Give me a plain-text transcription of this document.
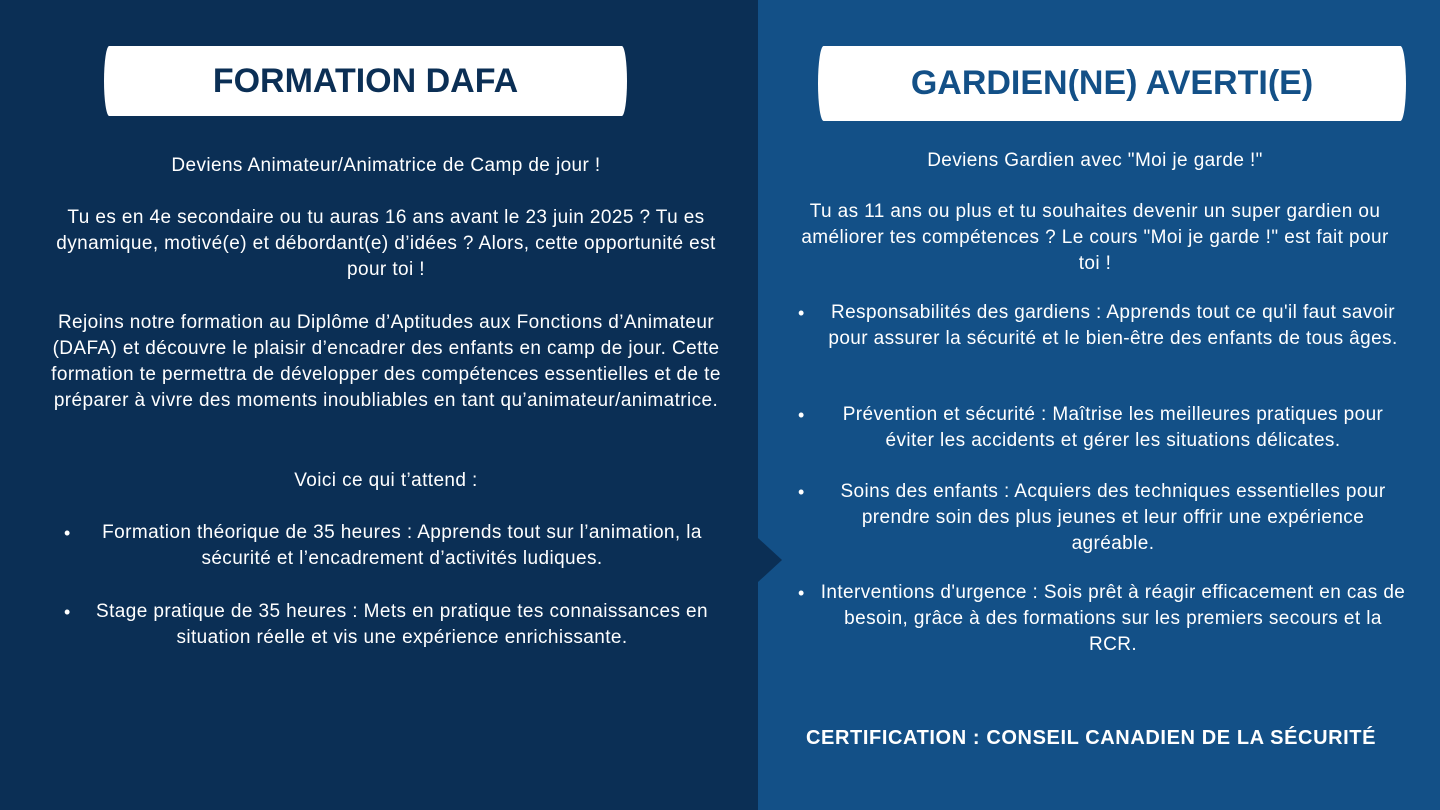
FORMATION DAFA

Deviens Animateur/Animatrice de Camp de jour !

Tu es en 4e secondaire ou tu auras 16 ans avant le 23 juin 2025 ? Tu es dynamique, motivé(e) et débordant(e) d’idées ? Alors, cette opportunité est pour toi !

Rejoins notre formation au Diplôme d’Aptitudes aux Fonctions d’Animateur (DAFA) et découvre le plaisir d’encadrer des enfants en camp de jour. Cette formation te permettra de développer des compétences essentielles et de te préparer à vivre des moments inoubliables en tant qu’animateur/animatrice.

Voici ce qui t’attend :

• Formation théorique de 35 heures : Apprends tout sur l’animation, la sécurité et l’encadrement d’activités ludiques.
• Stage pratique de 35 heures : Mets en pratique tes connaissances en situation réelle et vis une expérience enrichissante.
GARDIEN(NE) AVERTI(E)

Deviens Gardien avec "Moi je garde !"

Tu as 11 ans ou plus et tu souhaites devenir un super gardien ou améliorer tes compétences ? Le cours "Moi je garde !" est fait pour toi !

• Responsabilités des gardiens : Apprends tout ce qu'il faut savoir pour assurer la sécurité et le bien-être des enfants de tous âges.
• Prévention et sécurité : Maîtrise les meilleures pratiques pour éviter les accidents et gérer les situations délicates.
• Soins des enfants : Acquiers des techniques essentielles pour prendre soin des plus jeunes et leur offrir une expérience agréable.
• Interventions d'urgence : Sois prêt à réagir efficacement en cas de besoin, grâce à des formations sur les premiers secours et la RCR.
CERTIFICATION : CONSEIL CANADIEN DE LA SÉCURITÉ
